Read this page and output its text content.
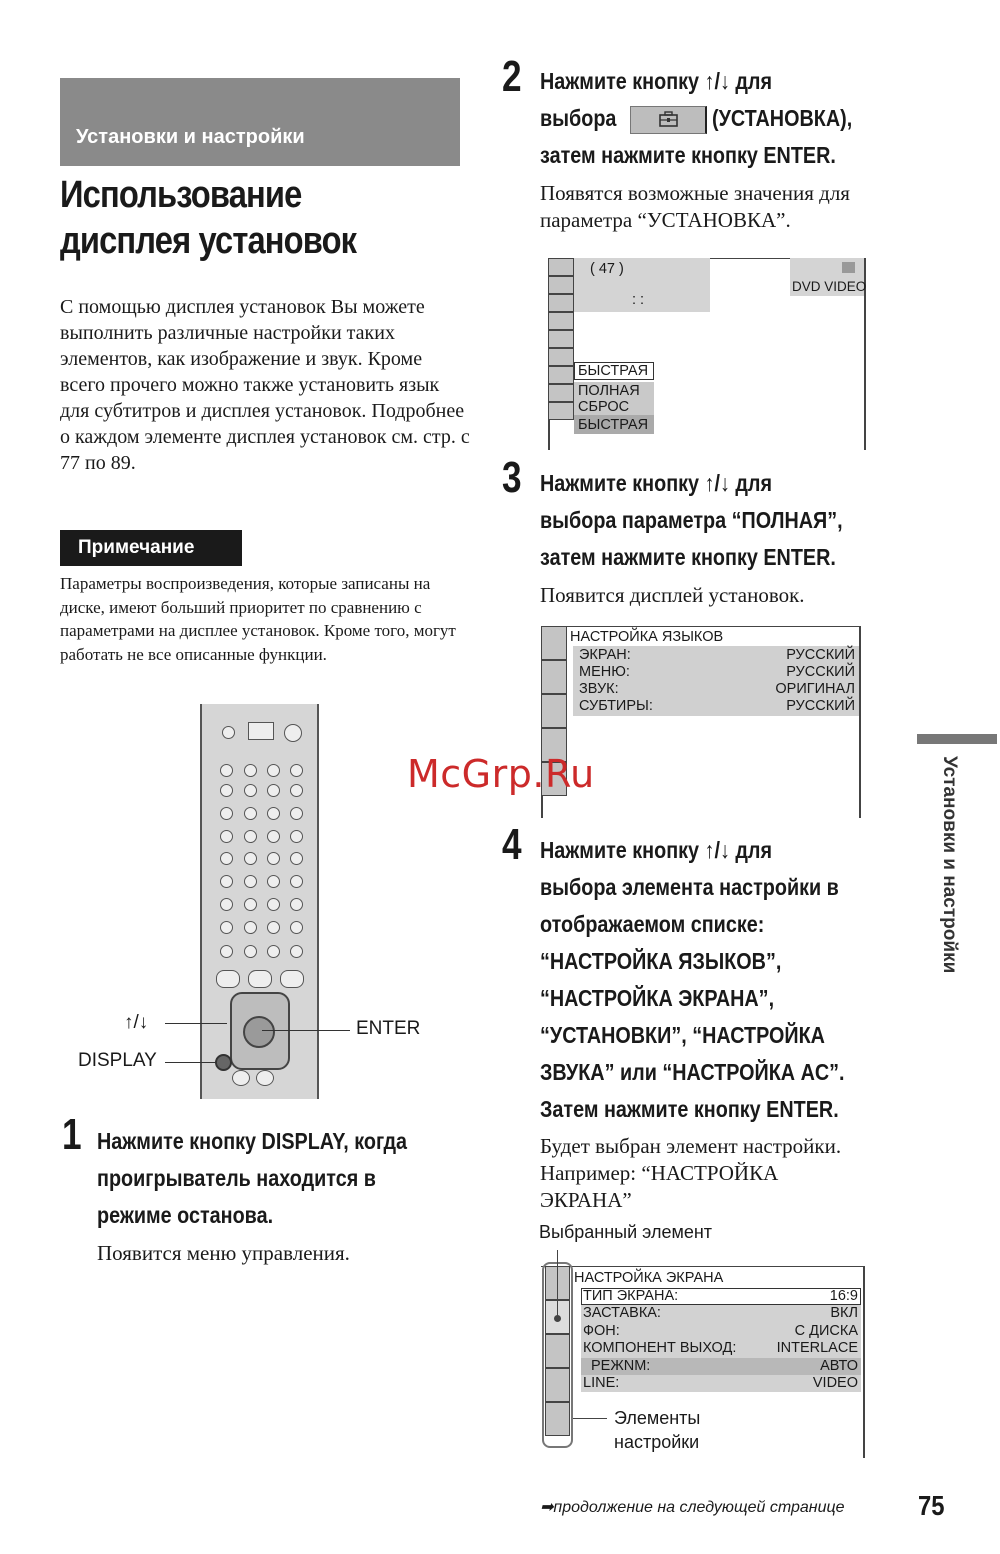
Установки и настройки
Использование
дисплея установок
С помощью дисплея установок Вы можете выполнить различные настройки таких элементов, как изображение и звук. Кроме всего прочего можно также установить язык для субтитров и дисплея установок. Подробнее о каждом элементе дисплея установок см. стр. с 77 по 89.
Примечание
Параметры воспроизведения, которые записаны на диске, имеют больший приоритет по сравнению с параметрами на дисплее установок. Кроме того, могут работать не все описанные функции.
↑/↓	ENTER
DISPLAY
1 Нажмите кнопку DISPLAY, когда
проигрыватель находится в
режиме останова.
Появится меню управления.
2 Нажмите кнопку ↑/↓ для
выбора	(УСТАНОВКА),
затем нажмите кнопку ENTER.
Появятся возможные значения для
параметра “УСТАНОВКА”.
( 47 )
: :
DVD VIDEO
БЫСТРАЯ
ПОЛНАЯ
СБРОС
БЫСТРАЯ
3 Нажмите кнопку ↑/↓ для
выбора параметра “ПОЛНАЯ”,
затем нажмите кнопку ENTER.
Появится дисплей установок.
НАСТРОЙКА ЯЗЫКОВ
ЭКРАН:	РУССКИЙ
МЕНЮ:	РУССКИЙ
ЗВУК:	ОРИГИНАЛ
СУБТИРЫ:	РУССКИЙ
4 Нажмите кнопку ↑/↓ для
выбора элемента настройки в
отображаемом списке:
“НАСТРОЙКА ЯЗЫКОВ”,
“НАСТРОЙКА ЭКРАНА”,
“УСТАНОВКИ”, “НАСТРОЙКА
ЗВУКА” или “НАСТРОЙКА AC”.
Затем нажмите кнопку ENTER.
Будет выбран элемент настройки.
Например: “НАСТРОЙКА
ЭКРАНА”
Выбранный элемент
НАСТРОЙКА ЭКРАНА
ТИП ЭКРАНА:	16:9
ЗАСТАВКА:	ВКЛ
ФОН:	С ДИСКА
КОМПОНЕНТ ВЫХОД:	INTERLACE
РЕЖNM:	АВТО
LINE:	VIDEO
Элементы
настройки
Установки и настройки
McGrp.Ru
➡продолжение на следующей странице	75
